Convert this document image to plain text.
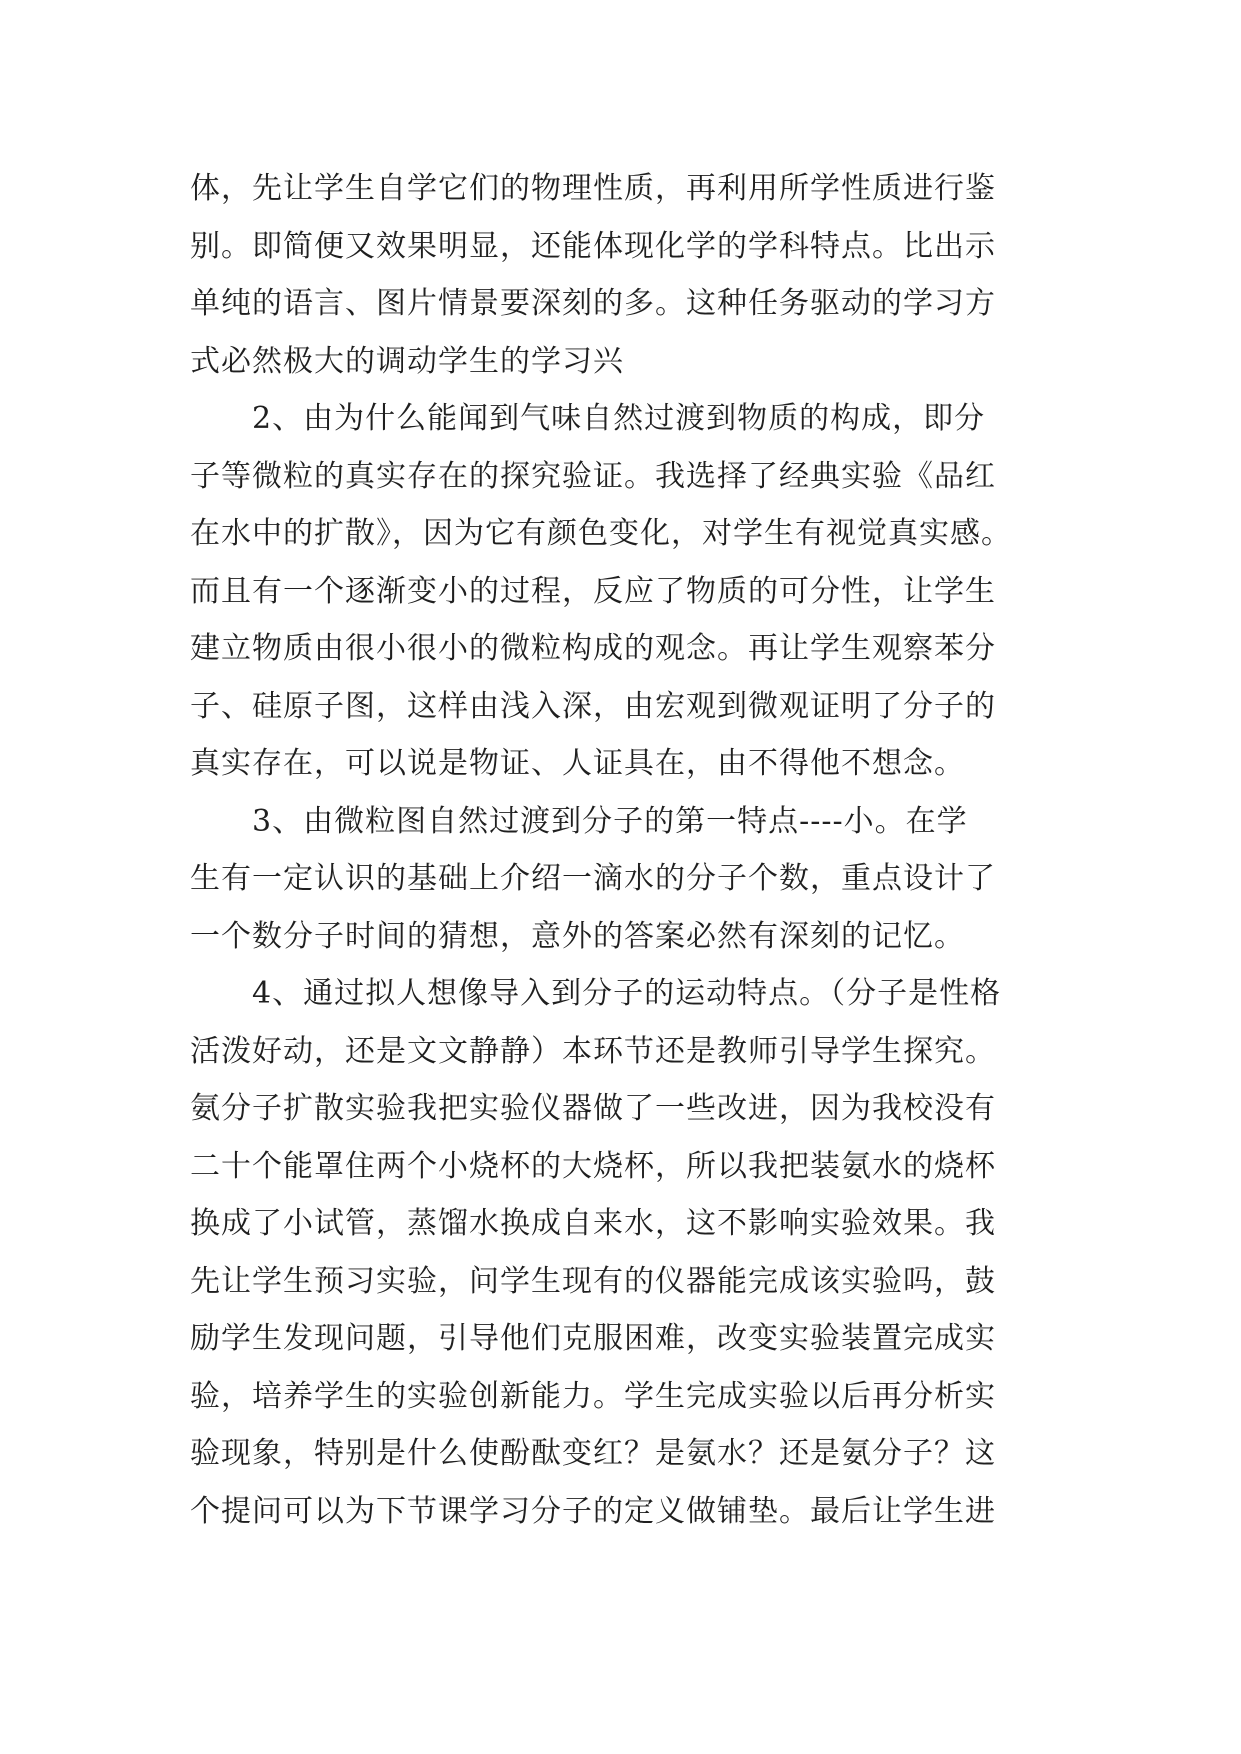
体，先让学生自学它们的物理性质，再利用所学性质进行鉴
别。即简便又效果明显，还能体现化学的学科特点。比出示
单纯的语言、图片情景要深刻的多。这种任务驱动的学习方
式必然极大的调动学生的学习兴
　　2、由为什么能闻到气味自然过渡到物质的构成，即分
子等微粒的真实存在的探究验证。我选择了经典实验《品红
在水中的扩散》，因为它有颜色变化，对学生有视觉真实感。
而且有一个逐渐变小的过程，反应了物质的可分性，让学生
建立物质由很小很小的微粒构成的观念。再让学生观察苯分
子、硅原子图，这样由浅入深，由宏观到微观证明了分子的
真实存在，可以说是物证、人证具在，由不得他不想念。
　　3、由微粒图自然过渡到分子的第一特点----小。在学
生有一定认识的基础上介绍一滴水的分子个数，重点设计了
一个数分子时间的猜想，意外的答案必然有深刻的记忆。
　　4、通过拟人想像导入到分子的运动特点。（分子是性格
活泼好动，还是文文静静）本环节还是教师引导学生探究。
氨分子扩散实验我把实验仪器做了一些改进，因为我校没有
二十个能罩住两个小烧杯的大烧杯，所以我把装氨水的烧杯
换成了小试管，蒸馏水换成自来水，这不影响实验效果。我
先让学生预习实验，问学生现有的仪器能完成该实验吗，鼓
励学生发现问题，引导他们克服困难，改变实验装置完成实
验，培养学生的实验创新能力。学生完成实验以后再分析实
验现象，特别是什么使酚酞变红？是氨水？还是氨分子？这
个提问可以为下节课学习分子的定义做铺垫。最后让学生进
